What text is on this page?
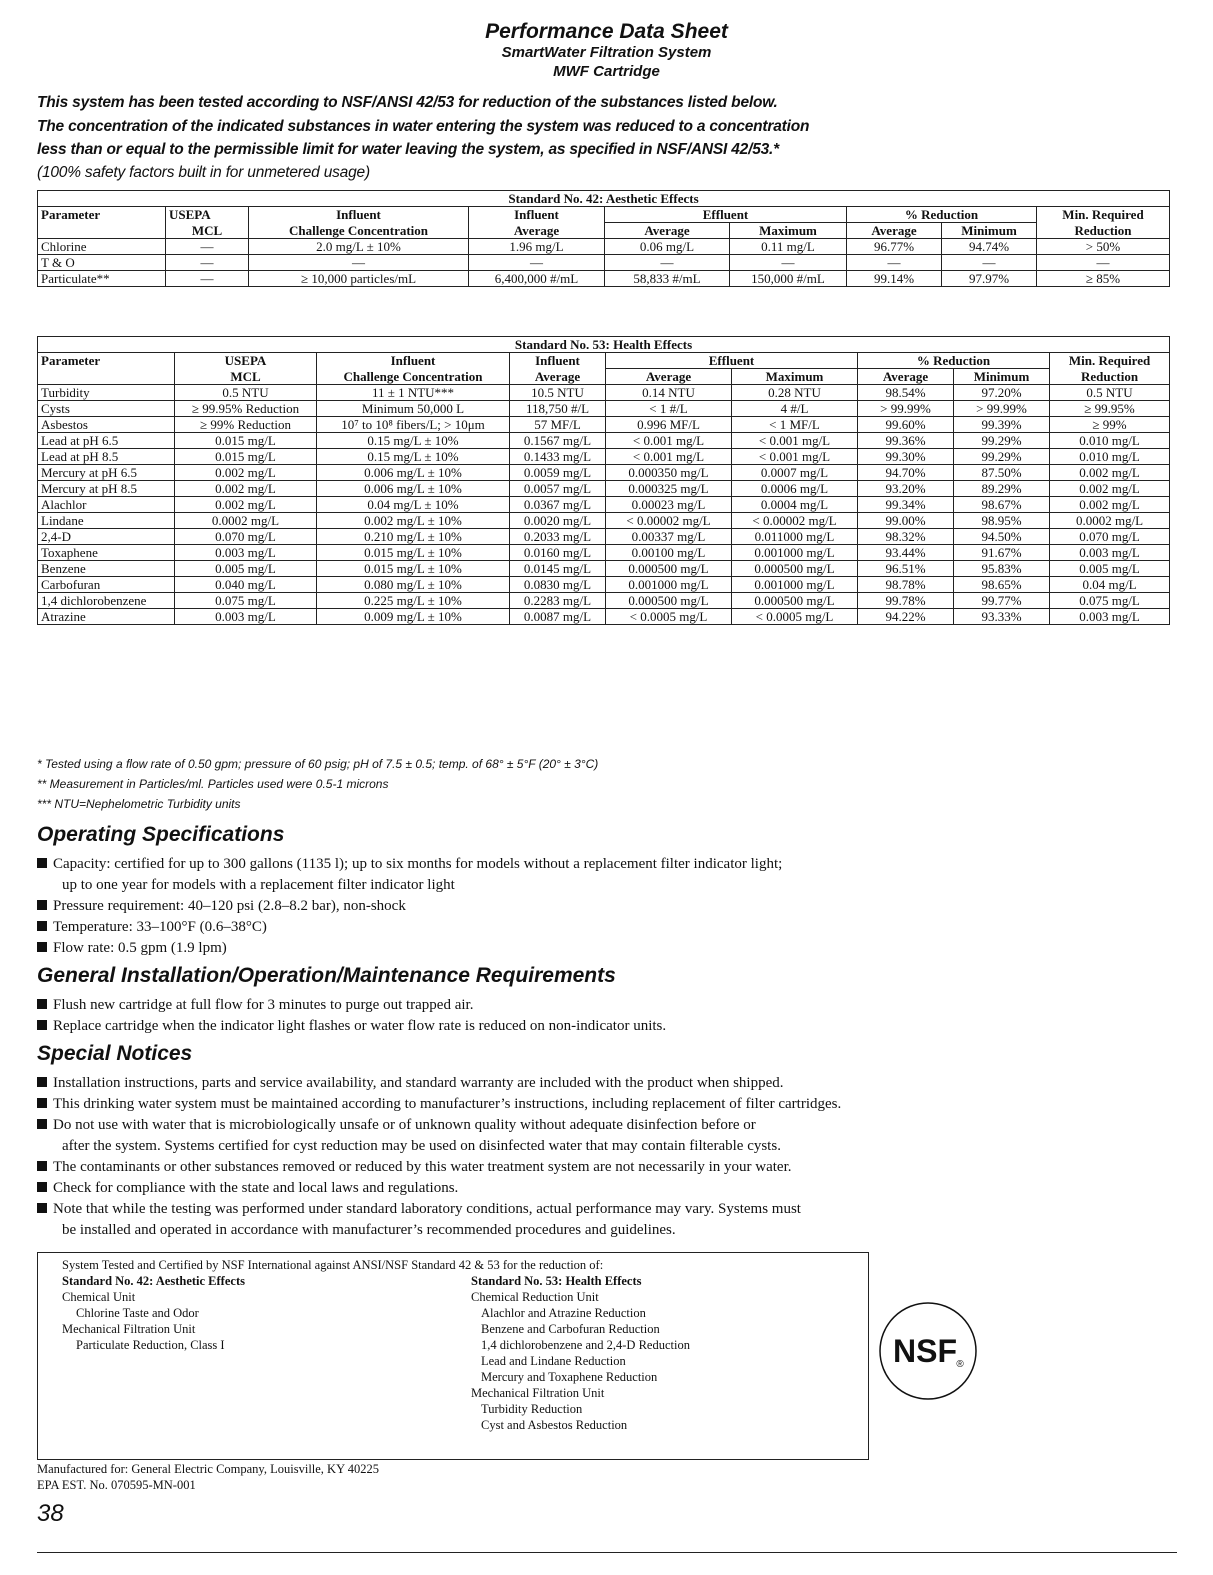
Performance Data Sheet
SmartWater Filtration System
MWF Cartridge
This system has been tested according to NSF/ANSI 42/53 for reduction of the substances listed below.
The concentration of the indicated substances in water entering the system was reduced to a concentration
less than or equal to the permissible limit for water leaving the system, as specified in NSF/ANSI 42/53.*
(100% safety factors built in for unmetered usage)
Standard No. 42: Aesthetic Effects								
Parameter	USEPA	Influent	Influent	Effluent		% Reduction		Min. Required
	MCL	Challenge Concentration	Average	Average	Maximum	Average	Minimum	Reduction
Chlorine	—	2.0 mg/L ± 10%	1.96 mg/L	0.06 mg/L	0.11 mg/L	96.77%	94.74%	> 50%
T & O	—	—	—	—	—	—	—	—
Particulate**	—	≥ 10,000 particles/mL	6,400,000 #/mL	58,833 #/mL	150,000 #/mL	99.14%	97.97%	≥ 85%
Standard No. 53: Health Effects								
Parameter	USEPA	Influent	Influent	Effluent		% Reduction		Min. Required
	MCL	Challenge Concentration	Average	Average	Maximum	Average	Minimum	Reduction
Turbidity	0.5 NTU	11 ± 1 NTU***	10.5 NTU	0.14 NTU	0.28 NTU	98.54%	97.20%	0.5 NTU
Cysts	≥ 99.95% Reduction	Minimum 50,000 L	118,750 #/L	< 1 #/L	4 #/L	> 99.99%	> 99.99%	≥ 99.95%
Asbestos	≥ 99% Reduction	10⁷ to 10⁸ fibers/L; > 10μm	57 MF/L	0.996 MF/L	< 1 MF/L	99.60%	99.39%	≥ 99%
Lead at pH 6.5	0.015 mg/L	0.15 mg/L ± 10%	0.1567 mg/L	< 0.001 mg/L	< 0.001 mg/L	99.36%	99.29%	0.010 mg/L
Lead at pH 8.5	0.015 mg/L	0.15 mg/L ± 10%	0.1433 mg/L	< 0.001 mg/L	< 0.001 mg/L	99.30%	99.29%	0.010 mg/L
Mercury at pH 6.5	0.002 mg/L	0.006 mg/L ± 10%	0.0059 mg/L	0.000350 mg/L	0.0007 mg/L	94.70%	87.50%	0.002 mg/L
Mercury at pH 8.5	0.002 mg/L	0.006 mg/L ± 10%	0.0057 mg/L	0.000325 mg/L	0.0006 mg/L	93.20%	89.29%	0.002 mg/L
Alachlor	0.002 mg/L	0.04 mg/L ± 10%	0.0367 mg/L	0.00023 mg/L	0.0004 mg/L	99.34%	98.67%	0.002 mg/L
Lindane	0.0002 mg/L	0.002 mg/L ± 10%	0.0020 mg/L	< 0.00002 mg/L	< 0.00002 mg/L	99.00%	98.95%	0.0002 mg/L
2,4-D	0.070 mg/L	0.210 mg/L ± 10%	0.2033 mg/L	0.00337 mg/L	0.011000 mg/L	98.32%	94.50%	0.070 mg/L
Toxaphene	0.003 mg/L	0.015 mg/L ± 10%	0.0160 mg/L	0.00100 mg/L	0.001000 mg/L	93.44%	91.67%	0.003 mg/L
Benzene	0.005 mg/L	0.015 mg/L ± 10%	0.0145 mg/L	0.000500 mg/L	0.000500 mg/L	96.51%	95.83%	0.005 mg/L
Carbofuran	0.040 mg/L	0.080 mg/L ± 10%	0.0830 mg/L	0.001000 mg/L	0.001000 mg/L	98.78%	98.65%	0.04 mg/L
1,4 dichlorobenzene	0.075 mg/L	0.225 mg/L ± 10%	0.2283 mg/L	0.000500 mg/L	0.000500 mg/L	99.78%	99.77%	0.075 mg/L
Atrazine	0.003 mg/L	0.009 mg/L ± 10%	0.0087 mg/L	< 0.0005 mg/L	< 0.0005 mg/L	94.22%	93.33%	0.003 mg/L
* Tested using a flow rate of 0.50 gpm; pressure of 60 psig; pH of 7.5 ± 0.5; temp. of 68° ± 5°F (20° ± 3°C)
** Measurement in Particles/ml. Particles used were 0.5-1 microns
*** NTU=Nephelometric Turbidity units
Operating Specifications
Capacity: certified for up to 300 gallons (1135 l); up to six months for models without a replacement filter indicator light;
up to one year for models with a replacement filter indicator light
Pressure requirement: 40–120 psi (2.8–8.2 bar), non-shock
Temperature: 33–100°F (0.6–38°C)
Flow rate: 0.5 gpm (1.9 lpm)
General Installation/Operation/Maintenance Requirements
Flush new cartridge at full flow for 3 minutes to purge out trapped air.
Replace cartridge when the indicator light flashes or water flow rate is reduced on non-indicator units.
Special Notices
Installation instructions, parts and service availability, and standard warranty are included with the product when shipped.
This drinking water system must be maintained according to manufacturer’s instructions, including replacement of filter cartridges.
Do not use with water that is microbiologically unsafe or of unknown quality without adequate disinfection before or
after the system. Systems certified for cyst reduction may be used on disinfected water that may contain filterable cysts.
The contaminants or other substances removed or reduced by this water treatment system are not necessarily in your water.
Check for compliance with the state and local laws and regulations.
Note that while the testing was performed under standard laboratory conditions, actual performance may vary. Systems must
be installed and operated in accordance with manufacturer’s recommended procedures and guidelines.
System Tested and Certified by NSF International against ANSI/NSF Standard 42 & 53 for the reduction of:
Standard No. 42: Aesthetic Effects
Chemical Unit
Chlorine Taste and Odor
Mechanical Filtration Unit
Particulate Reduction, Class I
Standard No. 53: Health Effects
Chemical Reduction Unit
Alachlor and Atrazine Reduction
Benzene and Carbofuran Reduction
1,4 dichlorobenzene and 2,4-D Reduction
Lead and Lindane Reduction
Mercury and Toxaphene Reduction
Mechanical Filtration Unit
Turbidity Reduction
Cyst and Asbestos Reduction
NSF ®
Manufactured for: General Electric Company, Louisville, KY 40225
EPA EST. No. 070595-MN-001
38
